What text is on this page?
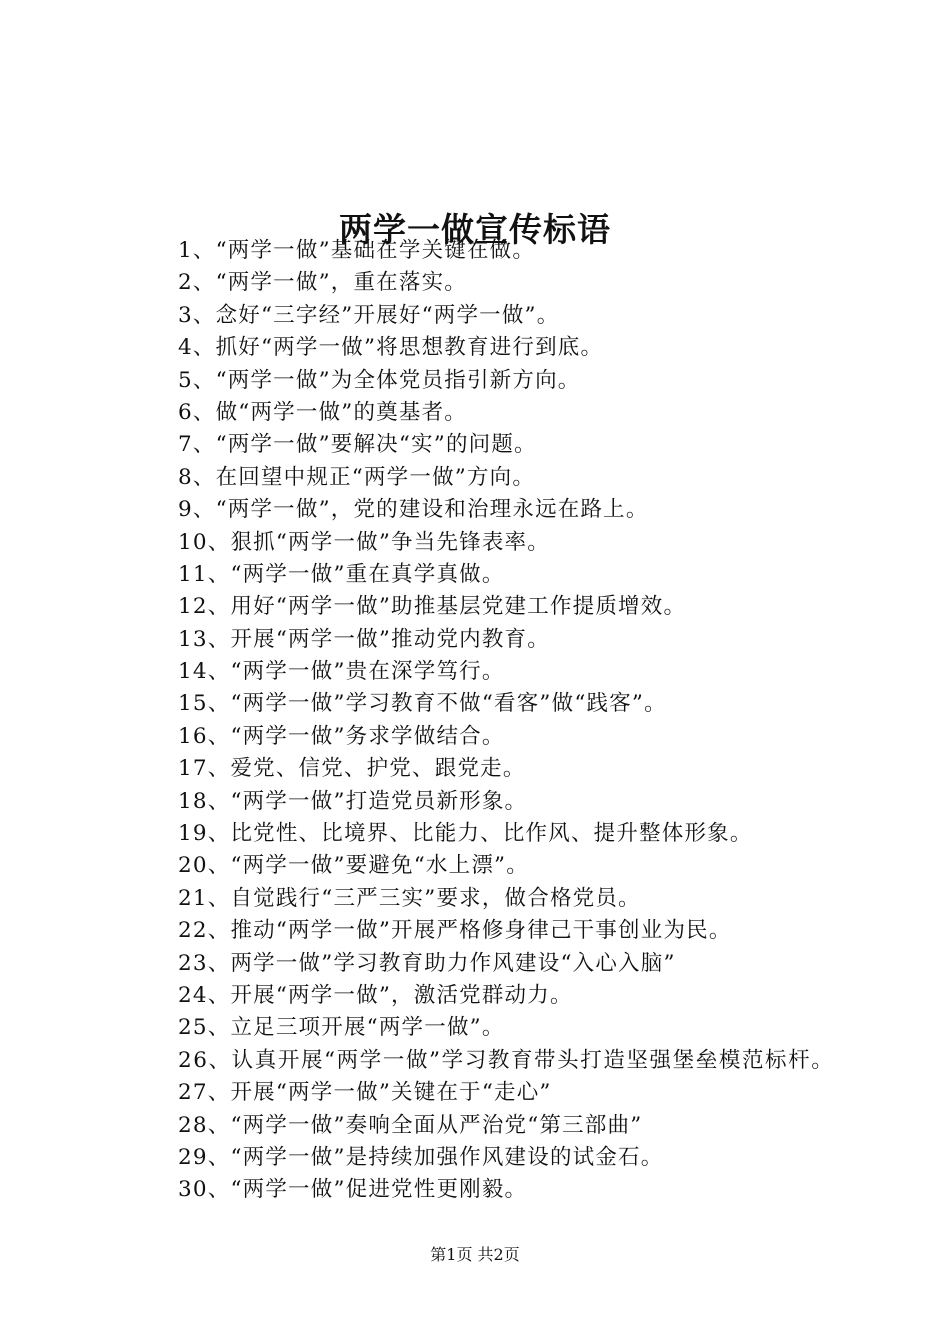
两学一做宣传标语
1、“两学一做”基础在学关键在做。
2、“两学一做”，重在落实。
3、念好“三字经”开展好“两学一做”。
4、抓好“两学一做”将思想教育进行到底。
5、“两学一做”为全体党员指引新方向。
6、做“两学一做”的奠基者。
7、“两学一做”要解决“实”的问题。
8、在回望中规正“两学一做”方向。
9、“两学一做”，党的建设和治理永远在路上。
10、狠抓“两学一做”争当先锋表率。
11、“两学一做”重在真学真做。
12、用好“两学一做”助推基层党建工作提质增效。
13、开展“两学一做”推动党内教育。
14、“两学一做”贵在深学笃行。
15、“两学一做”学习教育不做“看客”做“践客”。
16、“两学一做”务求学做结合。
17、爱党、信党、护党、跟党走。
18、“两学一做”打造党员新形象。
19、比党性、比境界、比能力、比作风、提升整体形象。
20、“两学一做”要避免“水上漂”。
21、自觉践行“三严三实”要求，做合格党员。
22、推动“两学一做”开展严格修身律己干事创业为民。
23、两学一做”学习教育助力作风建设“入心入脑”
24、开展“两学一做”，激活党群动力。
25、立足三项开展“两学一做”。
26、认真开展“两学一做”学习教育带头打造坚强堡垒模范标杆。
27、开展“两学一做”关键在于“走心”
28、“两学一做”奏响全面从严治党“第三部曲”
29、“两学一做”是持续加强作风建设的试金石。
30、“两学一做”促进党性更刚毅。
第1页 共2页
